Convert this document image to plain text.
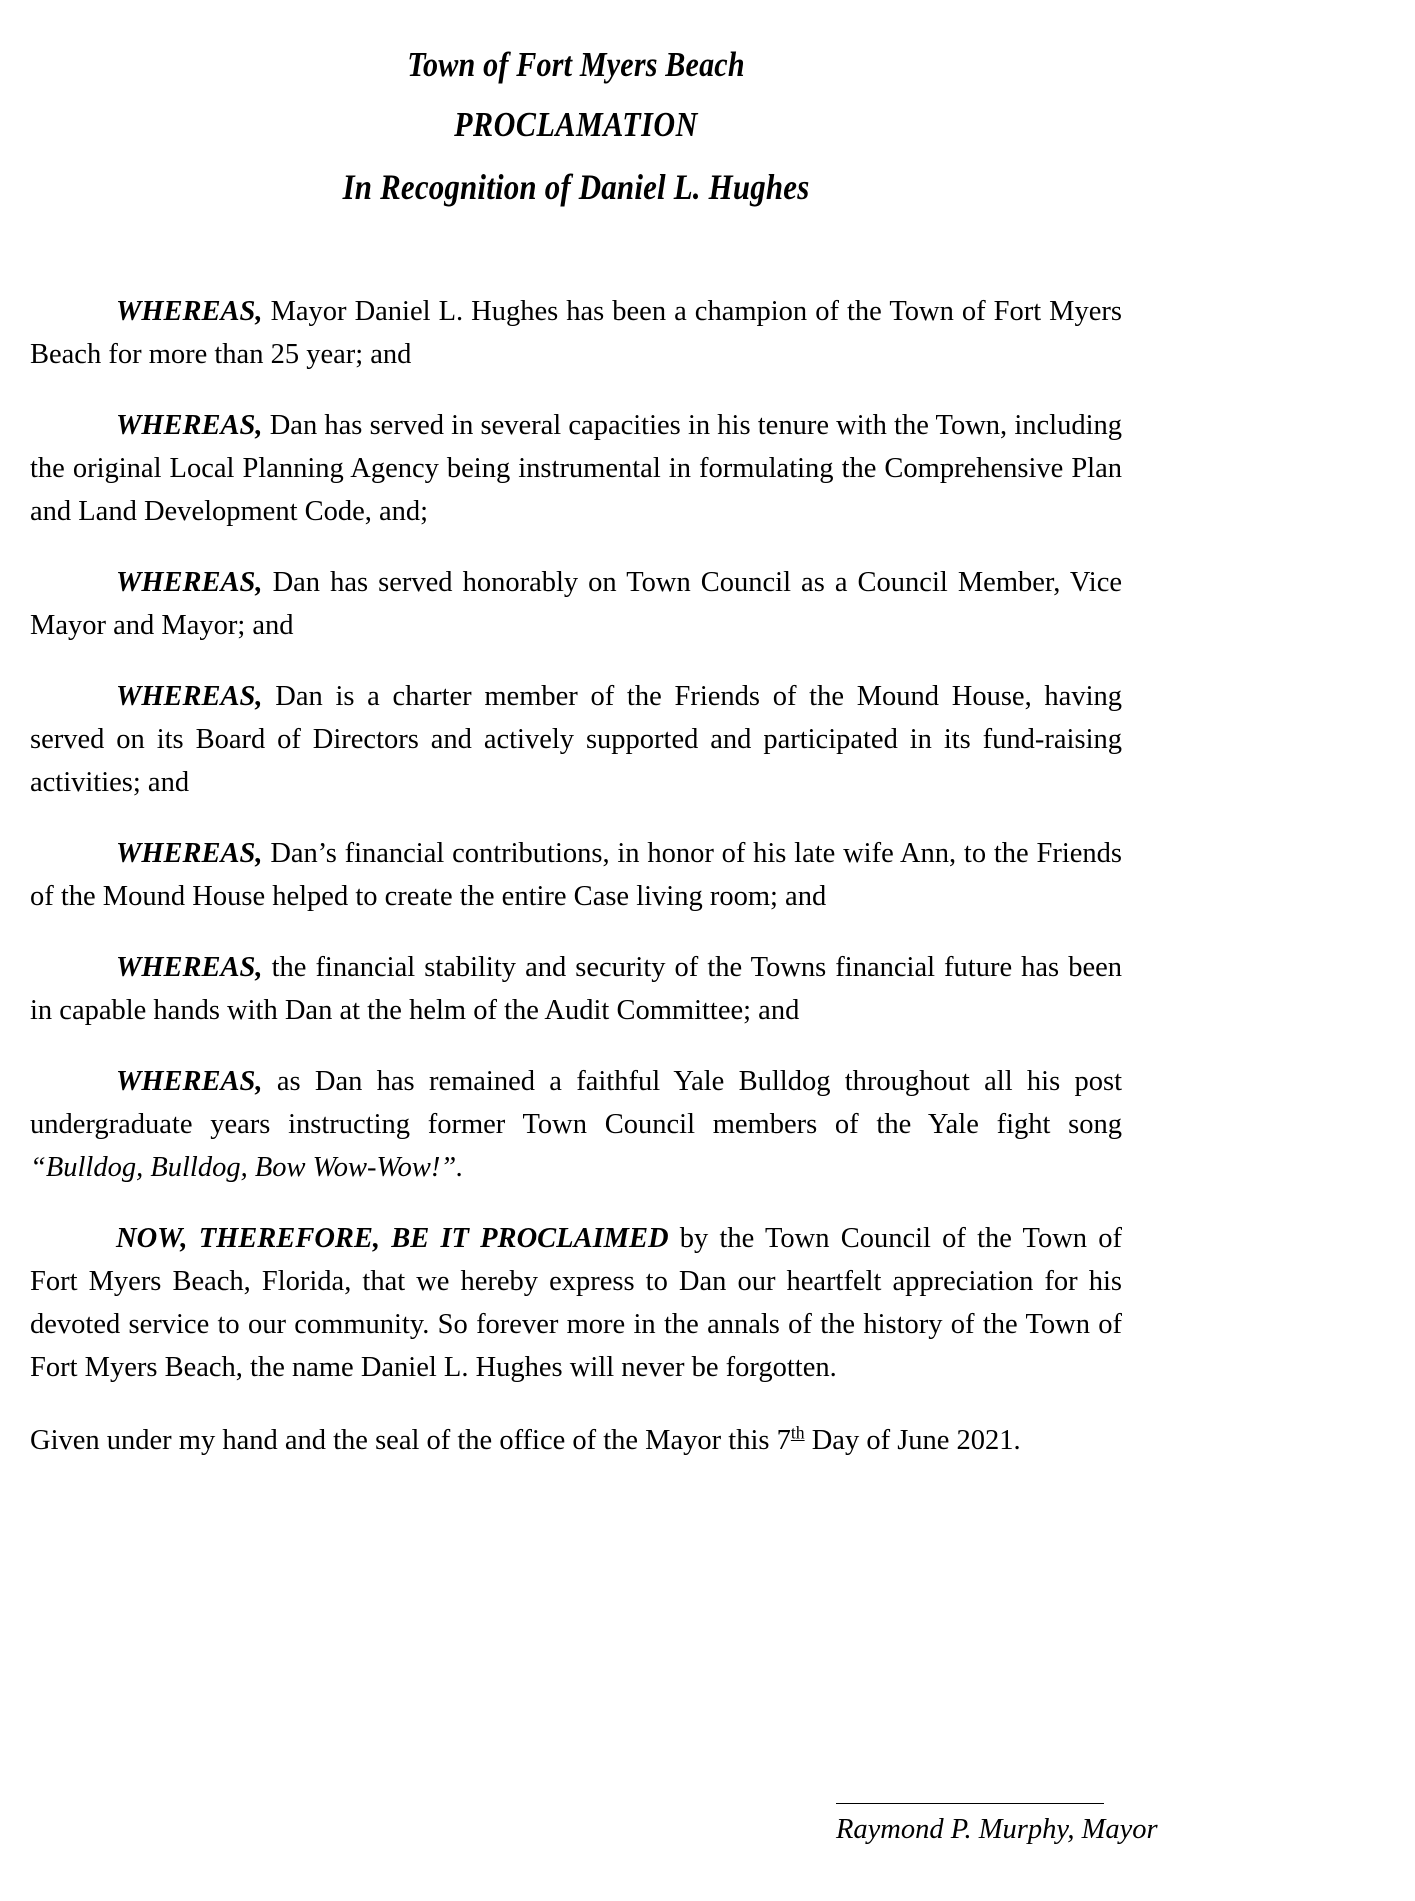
Town of Fort Myers Beach
PROCLAMATION
In Recognition of Daniel L. Hughes

WHEREAS, Mayor Daniel L. Hughes has been a champion of the Town of Fort Myers Beach for more than 25 year; and

WHEREAS, Dan has served in several capacities in his tenure with the Town, including the original Local Planning Agency being instrumental in formulating the Comprehensive Plan and Land Development Code, and;

WHEREAS, Dan has served honorably on Town Council as a Council Member, Vice Mayor and Mayor; and

WHEREAS, Dan is a charter member of the Friends of the Mound House, having served on its Board of Directors and actively supported and participated in its fund-raising activities; and

WHEREAS, Dan’s financial contributions, in honor of his late wife Ann, to the Friends of the Mound House helped to create the entire Case living room; and

WHEREAS, the financial stability and security of the Towns financial future has been in capable hands with Dan at the helm of the Audit Committee; and

WHEREAS, as Dan has remained a faithful Yale Bulldog throughout all his post undergraduate years instructing former Town Council members of the Yale fight song “Bulldog, Bulldog, Bow Wow-Wow!”.

NOW, THEREFORE, BE IT PROCLAIMED by the Town Council of the Town of Fort Myers Beach, Florida, that we hereby express to Dan our heartfelt appreciation for his devoted service to our community. So forever more in the annals of the history of the Town of Fort Myers Beach, the name Daniel L. Hughes will never be forgotten.

Given under my hand and the seal of the office of the Mayor this 7th Day of June 2021.

Raymond P. Murphy, Mayor
